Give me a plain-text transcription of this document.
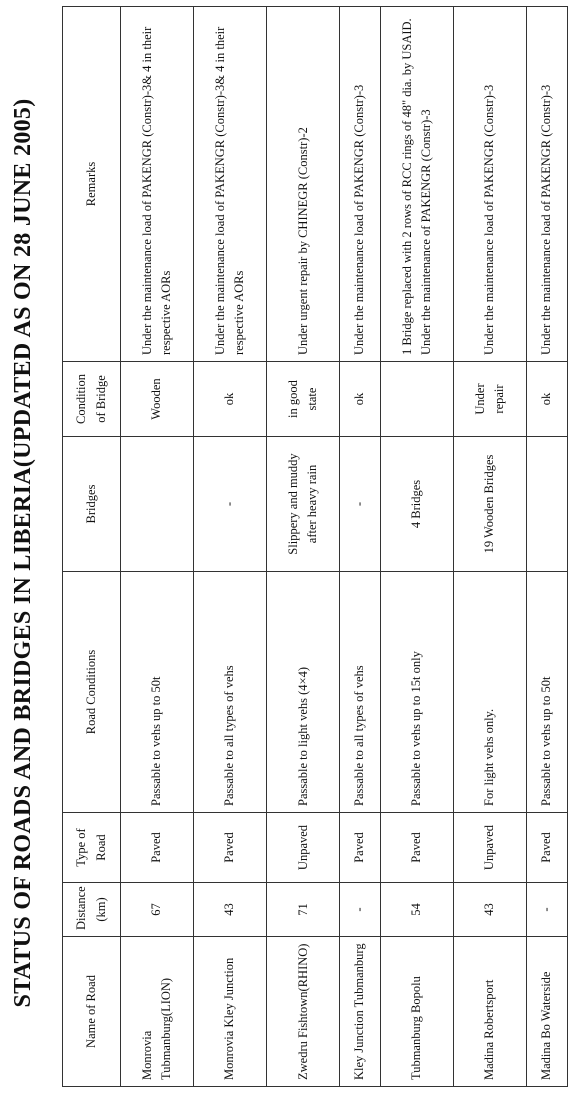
STATUS OF ROADS AND BRIDGES IN LIBERIA(UPDATED AS ON 28 JUNE 2005)
Name of Road	Distance (km)	Type of Road	Road Conditions	Bridges	Condition of Bridge	Remarks
Monrovia Tubmanburg(LION)	67	Paved	Passable to vehs up to 50t		Wooden	Under the maintenance load of PAKENGR (Constr)-3& 4 in their respective AORs
Monrovia Kley Junction	43	Paved	Passable to all types of vehs	-	ok	Under the maintenance load of PAKENGR (Constr)-3& 4 in their respective AORs
Zwedru Fishtown(RHINO)	71	Unpaved	Passable to light vehs (4×4)	Slippery and muddy after heavy rain	in good state	Under urgent repair by CHINEGR (Constr)-2
Kley Junction Tubmanburg	-	Paved	Passable to all types of vehs	-	ok	Under the maintenance load of PAKENGR (Constr)-3
Tubmanburg Bopolu	54	Paved	Passable to vehs up to 15t only	4 Bridges		1 Bridge replaced with 2 rows of RCC rings of 48" dia. by USAID. Under the maintenance of PAKENGR (Constr)-3
Madina Robertsport	43	Unpaved	For light vehs only.	19 Wooden Bridges	Under repair	Under the maintenance load of PAKENGR (Constr)-3
Madina Bo Waterside	-	Paved	Passable to vehs up to 50t		ok	Under the maintenance load of PAKENGR (Constr)-3
